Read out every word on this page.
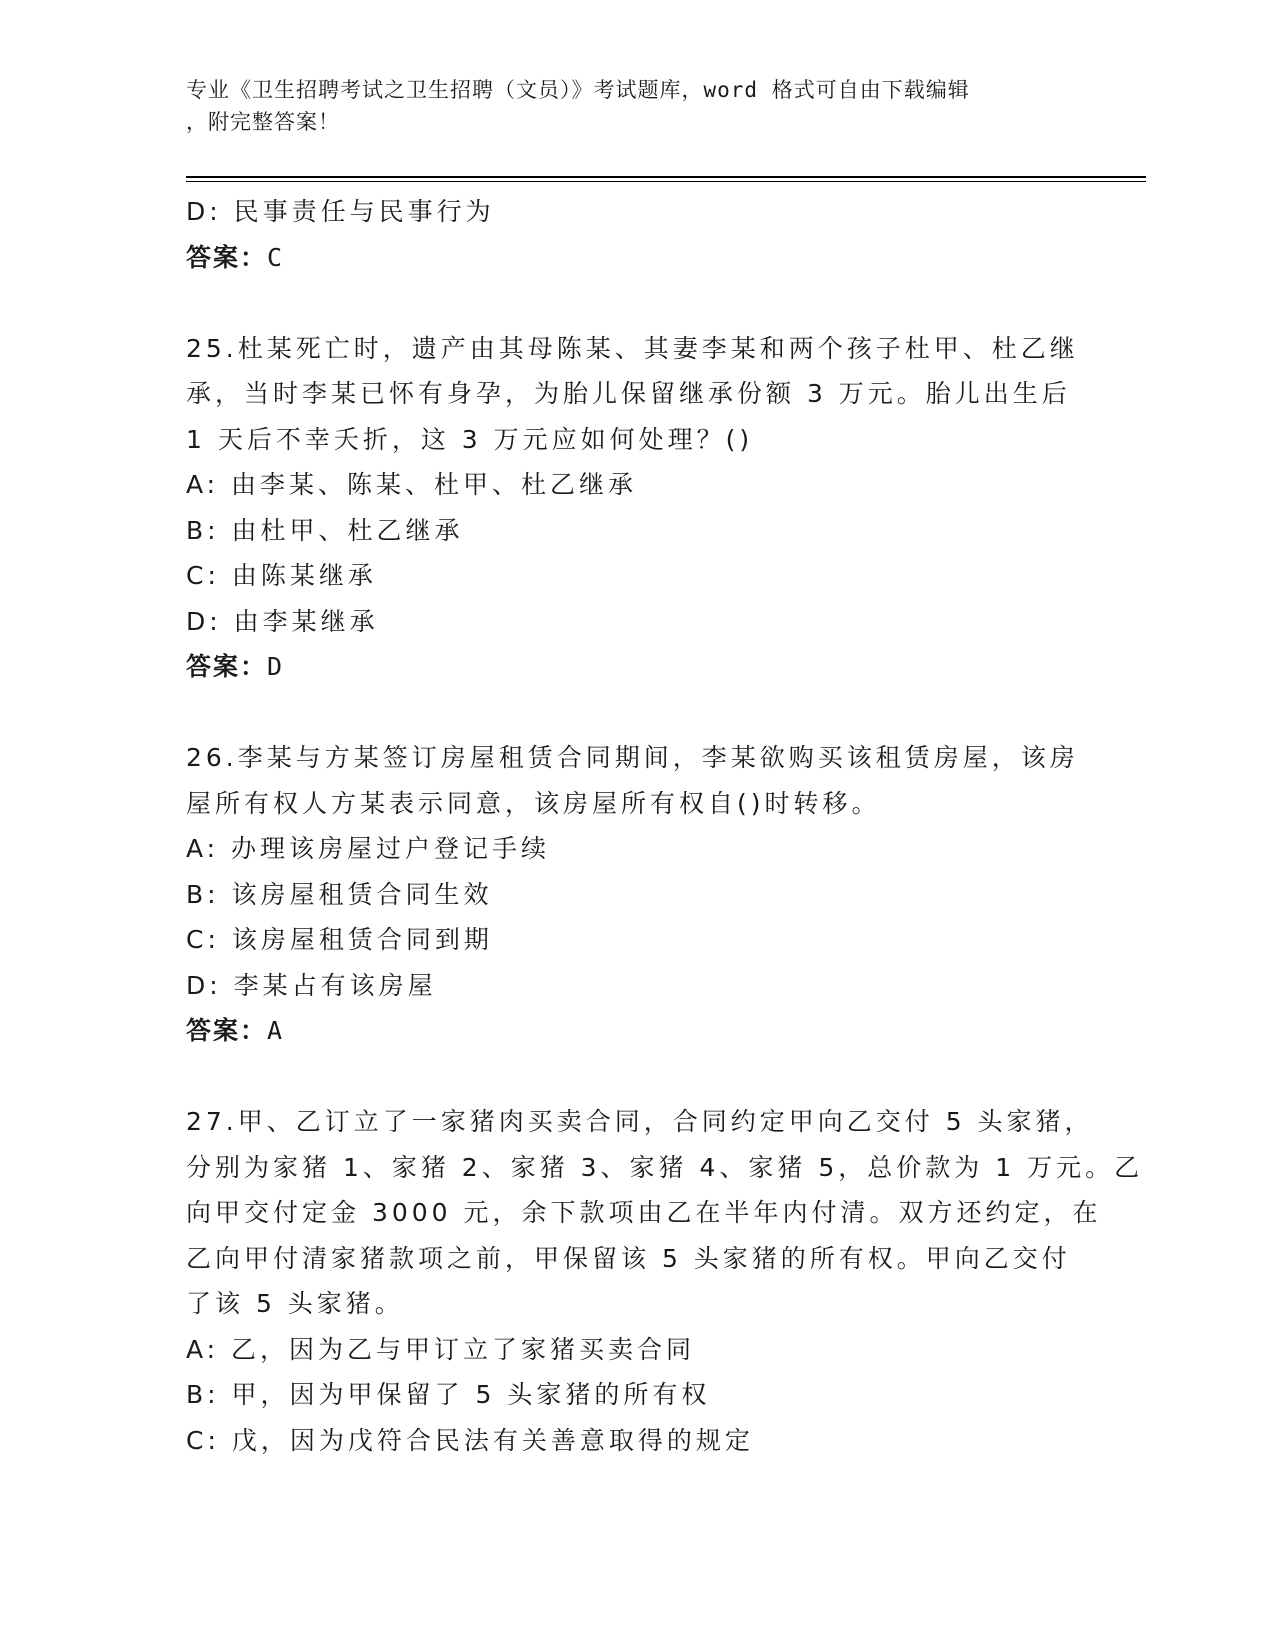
专业《卫生招聘考试之卫生招聘（文员）》考试题库，word 格式可自由下载编辑
，附完整答案！
D: 民事责任与民事行为
答案：C
25.杜某死亡时，遗产由其母陈某、其妻李某和两个孩子杜甲、杜乙继
承，当时李某已怀有身孕，为胎儿保留继承份额 3 万元。胎儿出生后
1 天后不幸夭折，这 3 万元应如何处理？()
A: 由李某、陈某、杜甲、杜乙继承
B: 由杜甲、杜乙继承
C: 由陈某继承
D: 由李某继承
答案：D
26.李某与方某签订房屋租赁合同期间，李某欲购买该租赁房屋，该房
屋所有权人方某表示同意，该房屋所有权自()时转移。
A: 办理该房屋过户登记手续
B: 该房屋租赁合同生效
C: 该房屋租赁合同到期
D: 李某占有该房屋
答案：A
27.甲、乙订立了一家猪肉买卖合同，合同约定甲向乙交付 5 头家猪，
分别为家猪 1、家猪 2、家猪 3、家猪 4、家猪 5，总价款为 1 万元。乙
向甲交付定金 3000 元，余下款项由乙在半年内付清。双方还约定，在
乙向甲付清家猪款项之前，甲保留该 5 头家猪的所有权。甲向乙交付
了该 5 头家猪。
A: 乙，因为乙与甲订立了家猪买卖合同
B: 甲，因为甲保留了 5 头家猪的所有权
C: 戊，因为戊符合民法有关善意取得的规定
